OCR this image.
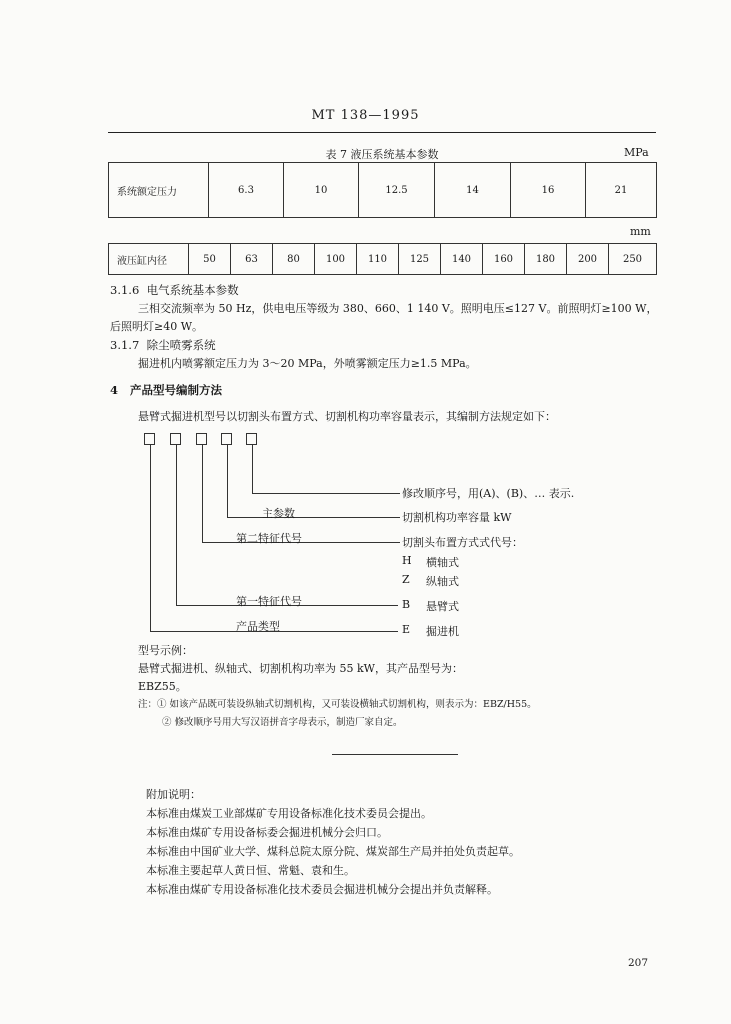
MT 138—1995
表 7 液压系统基本参数	MPa
系统额定压力	6.3	10	12.5	14	16	21
mm
液压缸内径	50	63	80	100	110	125	140	160	180	200	250
3.1.6 电气系统基本参数
三相交流频率为 50 Hz，供电电压等级为 380、660、1 140 V。照明电压≤127 V。前照明灯≥100 W，
后照明灯≥40 W。
3.1.7 除尘喷雾系统
掘进机内喷雾额定压力为 3～20 MPa，外喷雾额定压力≥1.5 MPa。
4 产品型号编制方法
悬臂式掘进机型号以切割头布置方式、切割机构功率容量表示，其编制方法规定如下：
修改顺序号，用(A)、(B)、… 表示.
主参数	切割机构功率容量 kW
第二特征代号	切割头布置方式式代号：
H 横轴式
Z 纵轴式
第一特征代号	B 悬臂式
产品类型	E 掘进机
型号示例：
悬臂式掘进机、纵轴式、切割机构功率为 55 kW，其产品型号为：
EBZ55。
注：① 如该产品既可装设纵轴式切割机构，又可装设横轴式切割机构，则表示为：EBZ/H55。
② 修改顺序号用大写汉语拼音字母表示，制造厂家自定。
附加说明：
本标准由煤炭工业部煤矿专用设备标准化技术委员会提出。
本标准由煤矿专用设备标委会掘进机械分会归口。
本标准由中国矿业大学、煤科总院太原分院、煤炭部生产局并拍处负责起草。
本标准主要起草人黄日恒、常魁、袁和生。
本标准由煤矿专用设备标准化技术委员会掘进机械分会提出并负责解释。
207
